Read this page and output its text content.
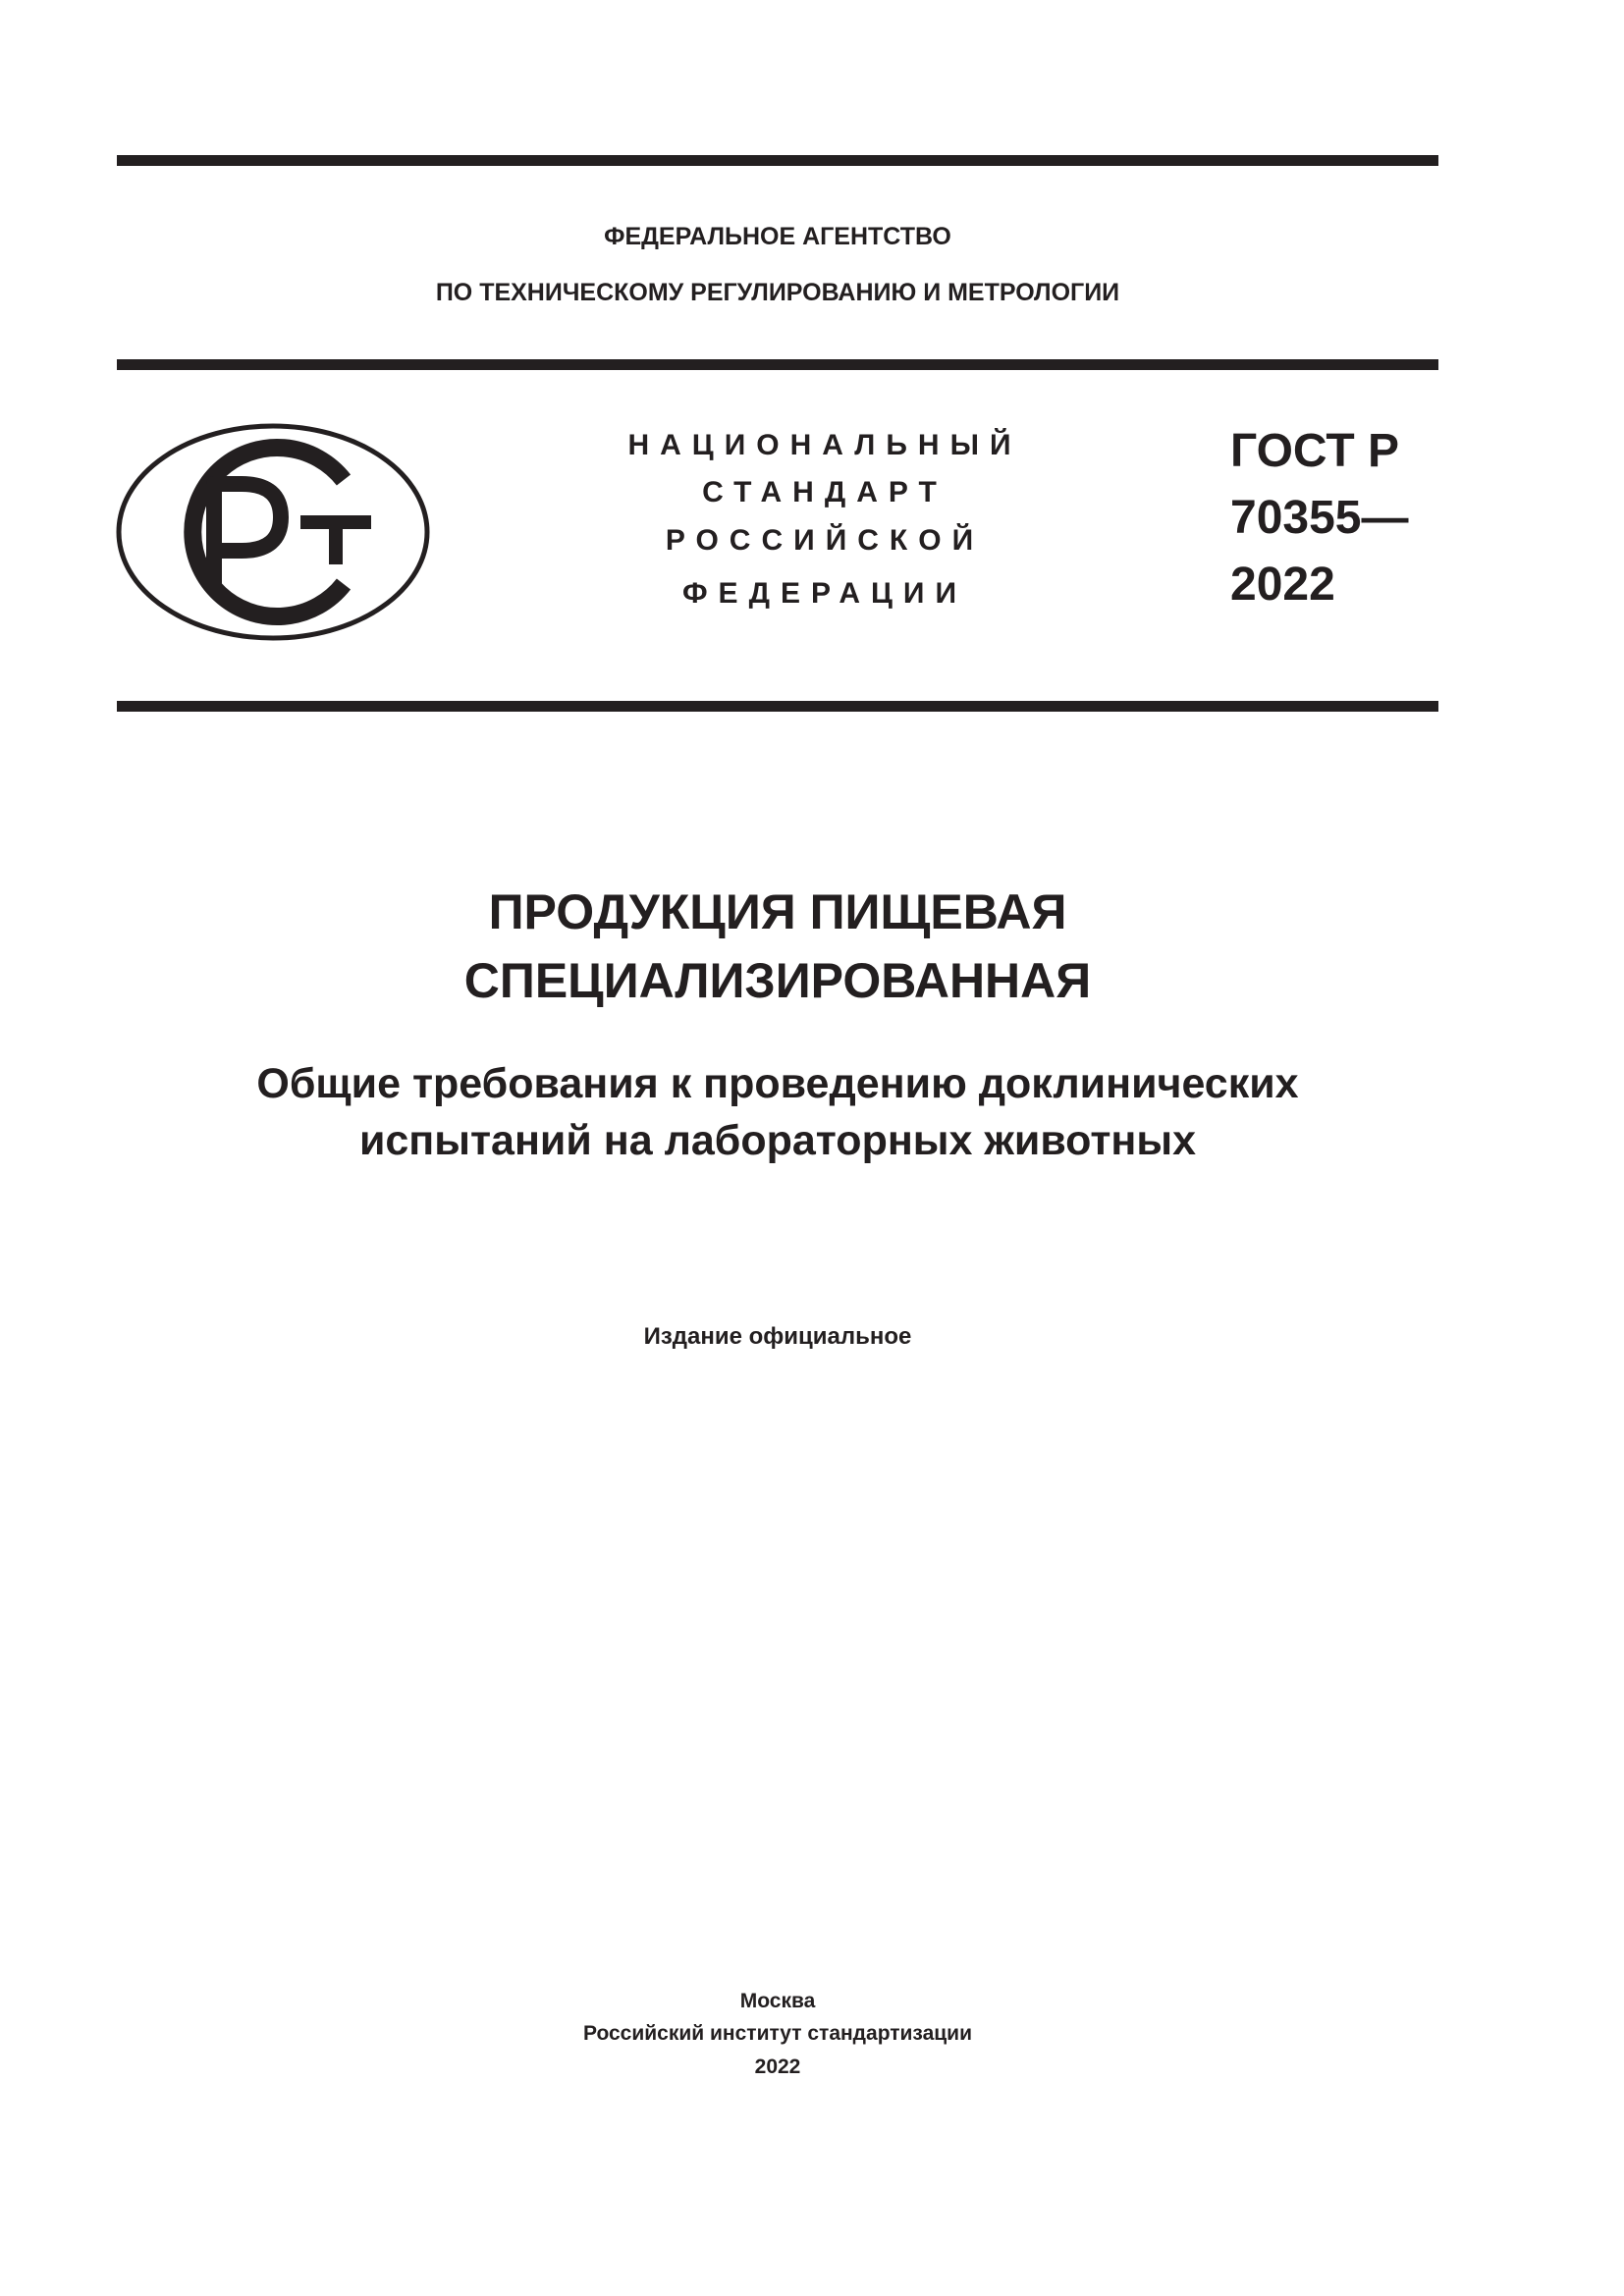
ФЕДЕРАЛЬНОЕ АГЕНТСТВО
ПО ТЕХНИЧЕСКОМУ РЕГУЛИРОВАНИЮ И МЕТРОЛОГИИ
НАЦИОНАЛЬНЫЙ
СТАНДАРТ
РОССИЙСКОЙ
ФЕДЕРАЦИИ
ГОСТ Р
70355—
2022
ПРОДУКЦИЯ ПИЩЕВАЯ
СПЕЦИАЛИЗИРОВАННАЯ
Общие требования к проведению доклинических
испытаний на лабораторных животных
Издание официальное
Москва
Российский институт стандартизации
2022
